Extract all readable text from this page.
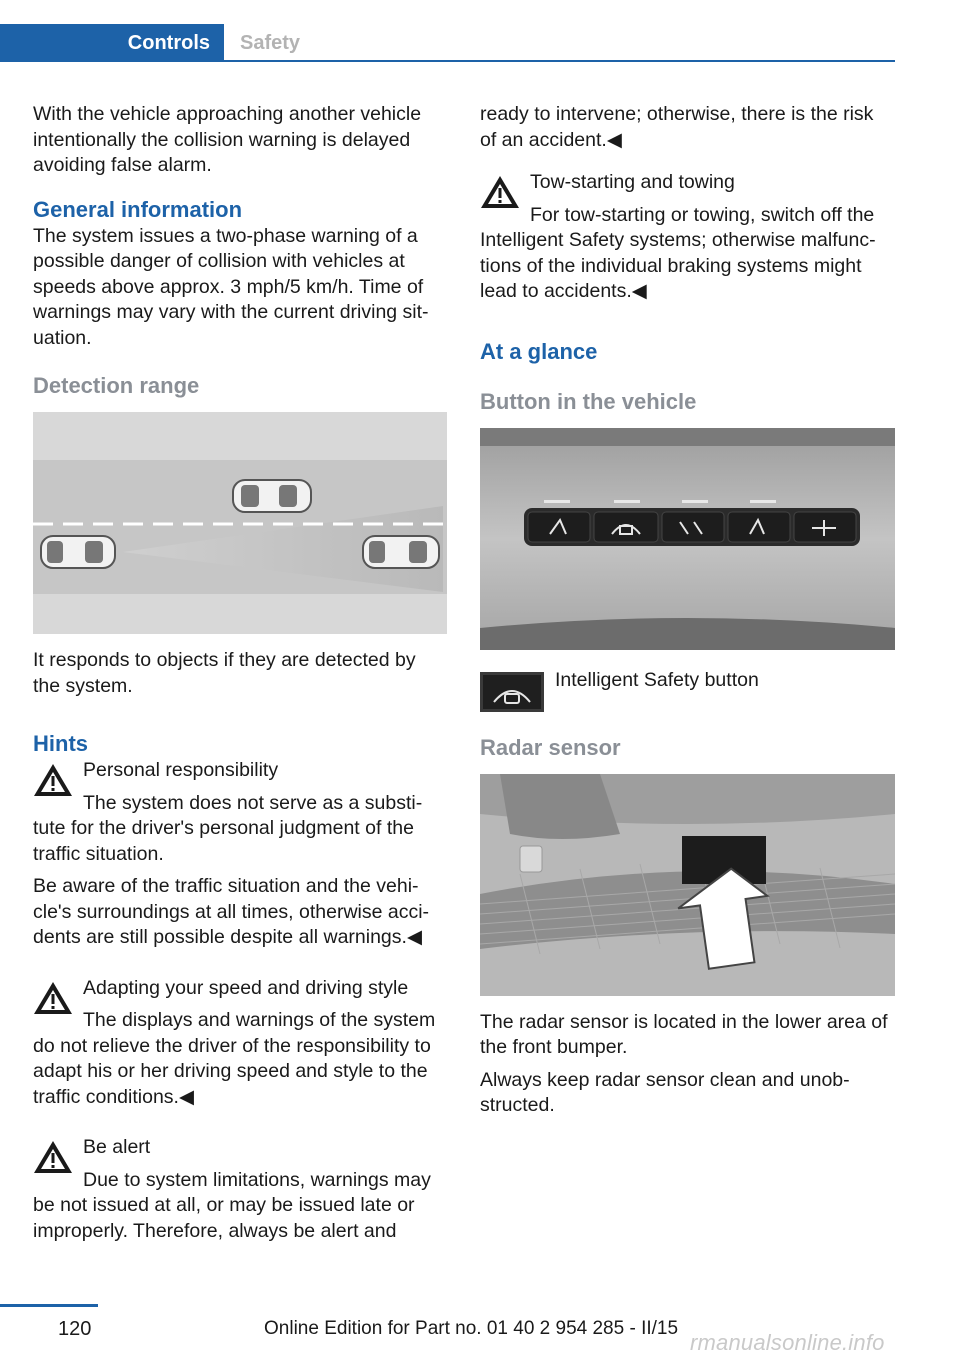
Controls	Safety

With the vehicle approaching another vehicle intentionally the collision warning is delayed avoiding false alarm.

General information

The system issues a two-phase warning of a possible danger of collision with vehicles at speeds above approx. 3 mph/5 km/h. Time of warnings may vary with the current driving sit‐uation.

Detection range

It responds to objects if they are detected by the system.

Hints

Personal responsibility

The system does not serve as a substi‐tute for the driver's personal judgment of the traffic situation.

Be aware of the traffic situation and the vehi‐cle's surroundings at all times, otherwise acci‐dents are still possible despite all warnings.◀

Adapting your speed and driving style

The displays and warnings of the system do not relieve the driver of the responsibility to adapt his or her driving speed and style to the traffic conditions.◀

Be alert

Due to system limitations, warnings may be not issued at all, or may be issued late or improperly. Therefore, always be alert and

ready to intervene; otherwise, there is the risk of an accident.◀

Tow-starting and towing

For tow-starting or towing, switch off the Intelligent Safety systems; otherwise malfunc‐tions of the individual braking systems might lead to accidents.◀

At a glance
Button in the vehicle

Intelligent Safety button

Radar sensor

The radar sensor is located in the lower area of the front bumper.

Always keep radar sensor clean and unob‐structed.

120	Online Edition for Part no. 01 40 2 954 285 - II/15
rmanualsonline.info
